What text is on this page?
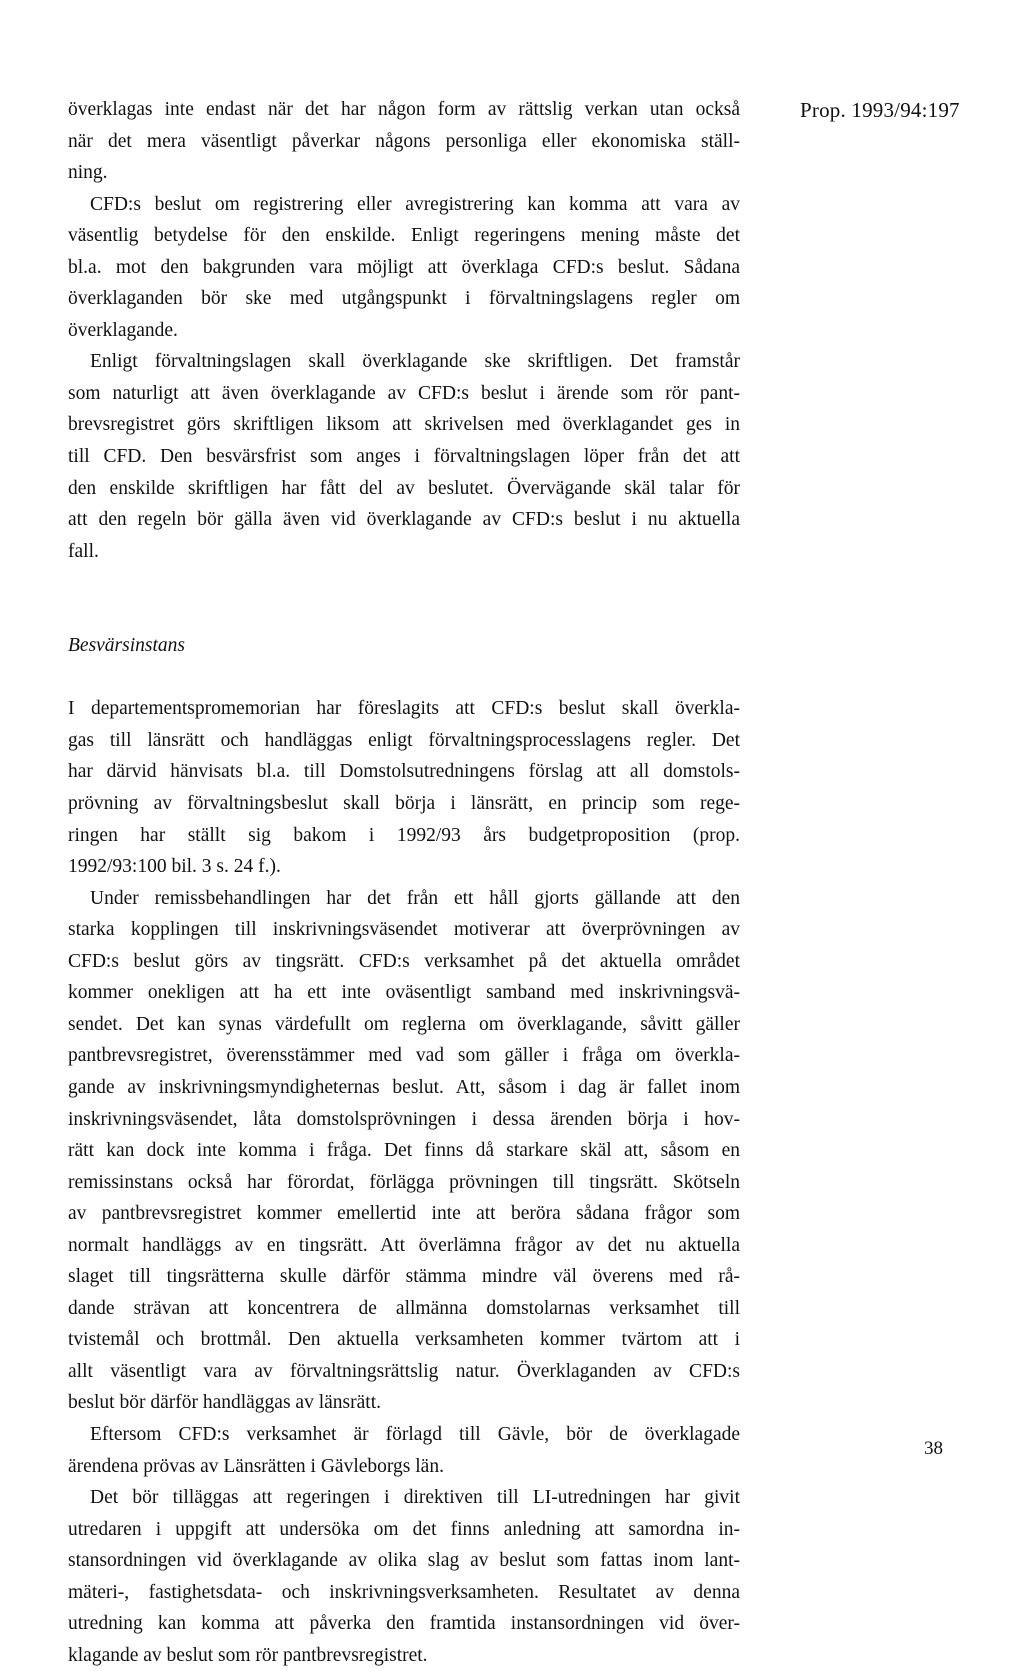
Prop. 1993/94:197
överklagas inte endast när det har någon form av rättslig verkan utan också
när det mera väsentligt påverkar någons personliga eller ekonomiska ställ-
ning.
CFD:s beslut om registrering eller avregistrering kan komma att vara av
väsentlig betydelse för den enskilde. Enligt regeringens mening måste det
bl.a. mot den bakgrunden vara möjligt att överklaga CFD:s beslut. Sådana
överklaganden bör ske med utgångspunkt i förvaltningslagens regler om
överklagande.
Enligt förvaltningslagen skall överklagande ske skriftligen. Det framstår
som naturligt att även överklagande av CFD:s beslut i ärende som rör pant-
brevsregistret görs skriftligen liksom att skrivelsen med överklagandet ges in
till CFD. Den besvärsfrist som anges i förvaltningslagen löper från det att
den enskilde skriftligen har fått del av beslutet. Övervägande skäl talar för
att den regeln bör gälla även vid överklagande av CFD:s beslut i nu aktuella
fall.
Besvärsinstans
I departementspromemorian har föreslagits att CFD:s beslut skall överkla-
gas till länsrätt och handläggas enligt förvaltningsprocesslagens regler. Det
har därvid hänvisats bl.a. till Domstolsutredningens förslag att all domstols-
prövning av förvaltningsbeslut skall börja i länsrätt, en princip som rege-
ringen har ställt sig bakom i 1992/93 års budgetproposition (prop.
1992/93:100 bil. 3 s. 24 f.).
Under remissbehandlingen har det från ett håll gjorts gällande att den
starka kopplingen till inskrivningsväsendet motiverar att överprövningen av
CFD:s beslut görs av tingsrätt. CFD:s verksamhet på det aktuella området
kommer onekligen att ha ett inte oväsentligt samband med inskrivningsvä-
sendet. Det kan synas värdefullt om reglerna om överklagande, såvitt gäller
pantbrevsregistret, överensstämmer med vad som gäller i fråga om överkla-
gande av inskrivningsmyndigheternas beslut. Att, såsom i dag är fallet inom
inskrivningsväsendet, låta domstolsprövningen i dessa ärenden börja i hov-
rätt kan dock inte komma i fråga. Det finns då starkare skäl att, såsom en
remissinstans också har förordat, förlägga prövningen till tingsrätt. Skötseln
av pantbrevsregistret kommer emellertid inte att beröra sådana frågor som
normalt handläggs av en tingsrätt. Att överlämna frågor av det nu aktuella
slaget till tingsrätterna skulle därför stämma mindre väl överens med rå-
dande strävan att koncentrera de allmänna domstolarnas verksamhet till
tvistemål och brottmål. Den aktuella verksamheten kommer tvärtom att i
allt väsentligt vara av förvaltningsrättslig natur. Överklaganden av CFD:s
beslut bör därför handläggas av länsrätt.
Eftersom CFD:s verksamhet är förlagd till Gävle, bör de överklagade
ärendena prövas av Länsrätten i Gävleborgs län.
Det bör tilläggas att regeringen i direktiven till LI-utredningen har givit
utredaren i uppgift att undersöka om det finns anledning att samordna in-
stansordningen vid överklagande av olika slag av beslut som fattas inom lant-
mäteri-, fastighetsdata- och inskrivningsverksamheten. Resultatet av denna
utredning kan komma att påverka den framtida instansordningen vid över-
klagande av beslut som rör pantbrevsregistret.
38
